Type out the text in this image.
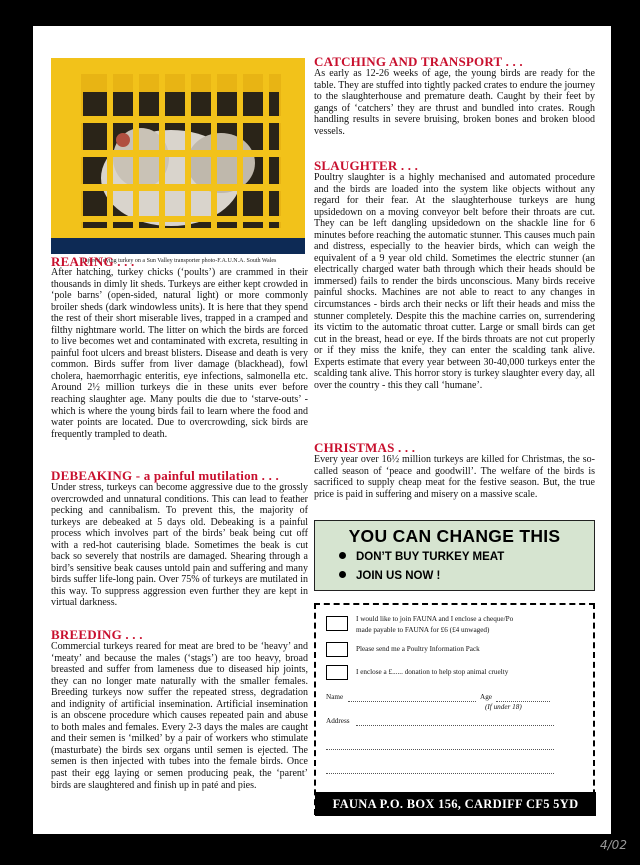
Injured, dying turkey on a Sun Valley transporter photo-F.A.U.N.A. South Wales
REARING . . .
After hatching, turkey chicks (‘poults’) are crammed in their thousands in dimly lit sheds. Turkeys are either kept crowded in ‘pole barns’ (open-sided, natural light) or more commonly broiler sheds (dark windowless units). It is here that they spend the rest of their short miserable lives, trapped in a cramped and filthy nightmare world. The litter on which the birds are forced to live becomes wet and contaminated with excreta, resulting in painful foot ulcers and breast blisters. Disease and death is very common. Birds suffer from liver damage (blackhead), fowl cholera, haemorrhagic enteritis, eye infections, salmonella etc. Around 2½ million turkeys die in these units ever before reaching slaughter age. Many poults die due to ‘starve-outs’ - which is where the young birds fail to learn where the food and water points are located. Due to overcrowding, sick birds are frequently trampled to death.
DEBEAKING - a painful mutilation . . .
Under stress, turkeys can become aggressive due to the grossly overcrowded and unnatural conditions. This can lead to feather pecking and cannibalism. To prevent this, the majority of turkeys are debeaked at 5 days old. Debeaking is a painful process which involves part of the birds’ beak being cut off with a red-hot cauterising blade. Sometimes the beak is cut back so severely that nostrils are damaged. Shearing through a bird’s sensitive beak causes untold pain and suffering and many birds suffer life-long pain. Over 75% of turkeys are mutilated in this way. To suppress aggression even further they are kept in virtual darkness.
BREEDING . . .
Commercial turkeys reared for meat are bred to be ‘heavy’ and ‘meaty’ and because the males (‘stags’) are too heavy, broad breasted and suffer from lameness due to diseased hip joints, they can no longer mate naturally with the smaller females. Breeding turkeys now suffer the repeated stress, degradation and indignity of artificial insemination. Artificial insemination is an obscene procedure which causes repeated pain and abuse to both males and females. Every 2-3 days the males are caught and their semen is ‘milked’ by a pair of workers who stimulate (masturbate) the birds sex organs until semen is ejected. The semen is then injected with tubes into the female birds. Once past their egg laying or semen producing peak, the ‘parent’ birds are slaughtered and finish up in paté and pies.
CATCHING AND TRANSPORT . . .
As early as 12-26 weeks of age, the young birds are ready for the table. They are stuffed into tightly packed crates to endure the journey to the slaughterhouse and premature death. Caught by their feet by gangs of ‘catchers’ they are thrust and bundled into crates. Rough handling results in severe bruising, broken bones and broken blood vessels.
SLAUGHTER . . .
Poultry slaughter is a highly mechanised and automated procedure and the birds are loaded into the system like objects without any regard for their fear. At the slaughterhouse turkeys are hung upsidedown on a moving conveyor belt before their throats are cut. They can be left dangling upsidedown on the shackle line for 6 minutes before reaching the automatic stunner. This causes much pain and distress, especially to the heavier birds, which can weigh the equivalent of a 9 year old child. Sometimes the electric stunner (an electrically charged water bath through which their heads should be immersed) fails to render the birds unconscious. Many birds receive painful shocks. Machines are not able to react to any changes in circumstances - birds arch their necks or lift their heads and miss the stunner completely. Despite this the machine carries on, surrendering its victim to the automatic throat cutter. Large or small birds can get cut in the breast, head or eye. If the birds throats are not cut properly or if they miss the knife, they can enter the scalding tank alive. Experts estimate that every year between 30-40,000 turkeys enter the scalding tank alive. This horror story is turkey slaughter every day, all over the country - this they call ‘humane’.
CHRISTMAS . . .
Every year over 16½ million turkeys are killed for Christmas, the so-called season of ‘peace and goodwill’. The welfare of the birds is sacrificed to supply cheap meat for the festive season. But, the true price is paid in suffering and misery on a massive scale.
YOU CAN CHANGE THIS
DON’T BUY TURKEY MEAT
JOIN US NOW !
I would like to join FAUNA and I enclose a cheque/Po
made payable to FAUNA for £6 (£4 unwaged)
Please send me a Poultry Information Pack
I enclose a £...... donation to help stop animal cruelty
Name	Age
(If under 18)
Address
FAUNA P.O. BOX 156, CARDIFF CF5 5YD
4/02
